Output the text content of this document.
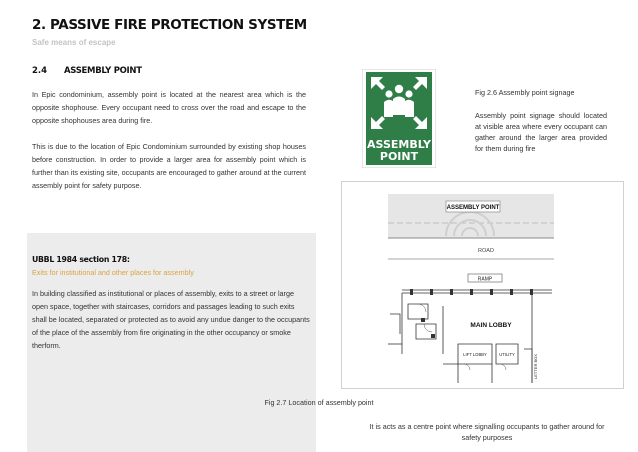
2. PASSIVE FIRE PROTECTION SYSTEM
Safe means of escape
2.4 ASSEMBLY POINT

In Epic condominium, assembly point is located at the nearest area which is the opposite shophouse. Every occupant need to cross over the road and escape to the opposite shophouses area during fire.

This is due to the location of Epic Condominium surrounded by existing shop houses before construction. In order to provide a larger area for assembly point which is further than its existing site, occupants are encouraged to gather around at the current assembly point for safety purpose.

UBBL 1984 section 178:
Exits for institutional and other places for assembly

In building classified as institutional or places of assembly, exits to a street or large open space, together with staircases, corridors and passages leading to such exits shall be located, separated or protected as to avoid any undue danger to the occupants of the place of the assembly from fire originating in the other occupancy or smoke therform.

ASSEMBLY
POINT
Fig 2.6 Assembly point signage

Assembly point signage should located at visible area where every occupant can gather around the larger area provided for them during fire

ASSEMBLY POINT
ROAD
RAMP
MAIN LOBBY
LIFT LOBBY	UTILITY	LETTER BOX
Fig 2.7 Location of assembly point

It is acts as a centre point where signalling occupants to gather around for safety purposes
